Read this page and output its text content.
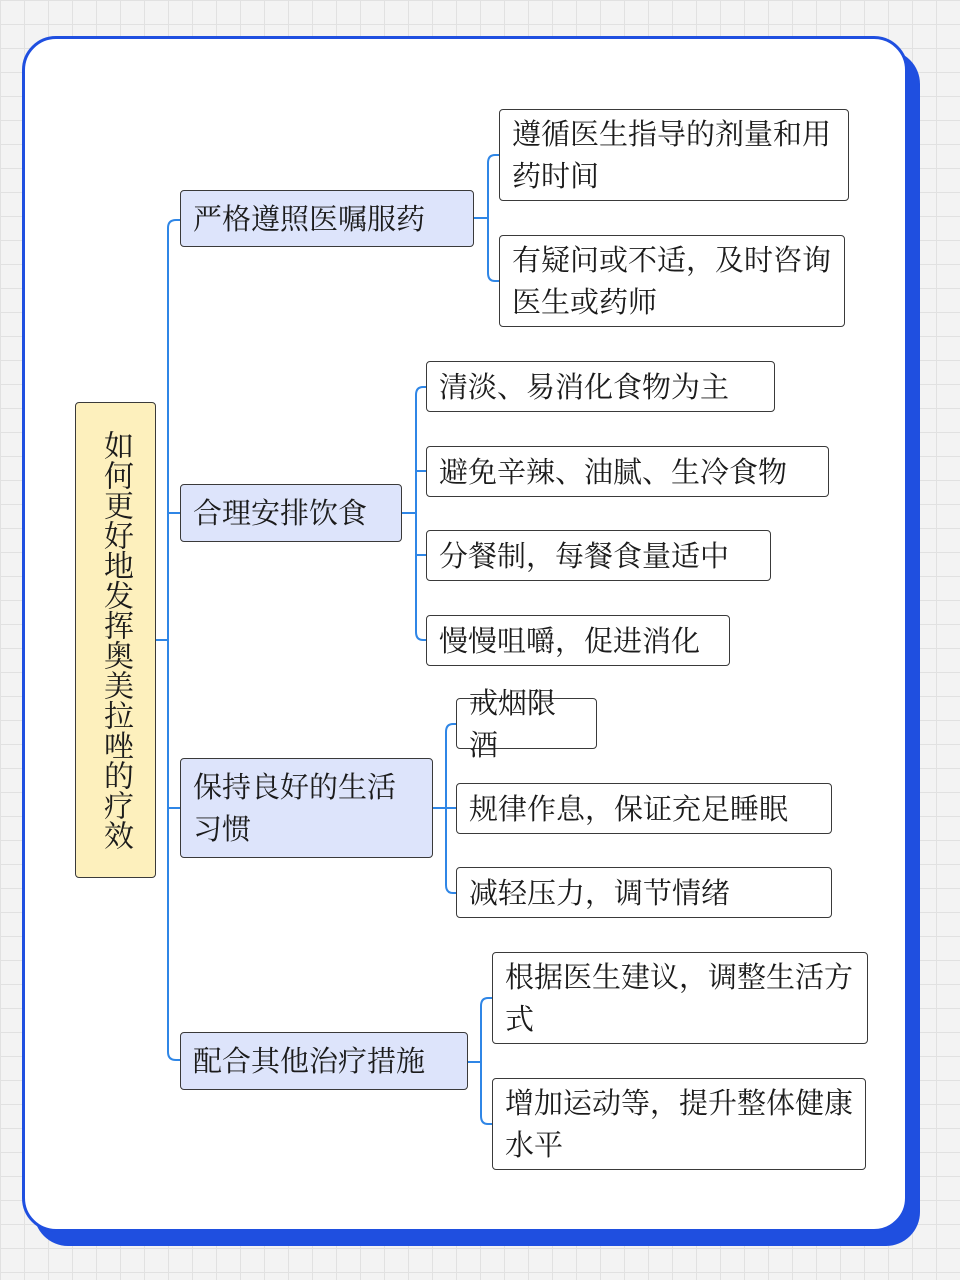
如何更好地发挥奥美拉唑的疗效
严格遵照医嘱服药
遵循医生指导的剂量和用药时间
有疑问或不适，及时咨询医生或药师
合理安排饮食
清淡、易消化食物为主
避免辛辣、油腻、生冷食物
分餐制，每餐食量适中
慢慢咀嚼，促进消化
保持良好的生活习惯
戒烟限酒
规律作息，保证充足睡眠
减轻压力，调节情绪
配合其他治疗措施
根据医生建议，调整生活方式
增加运动等，提升整体健康水平
